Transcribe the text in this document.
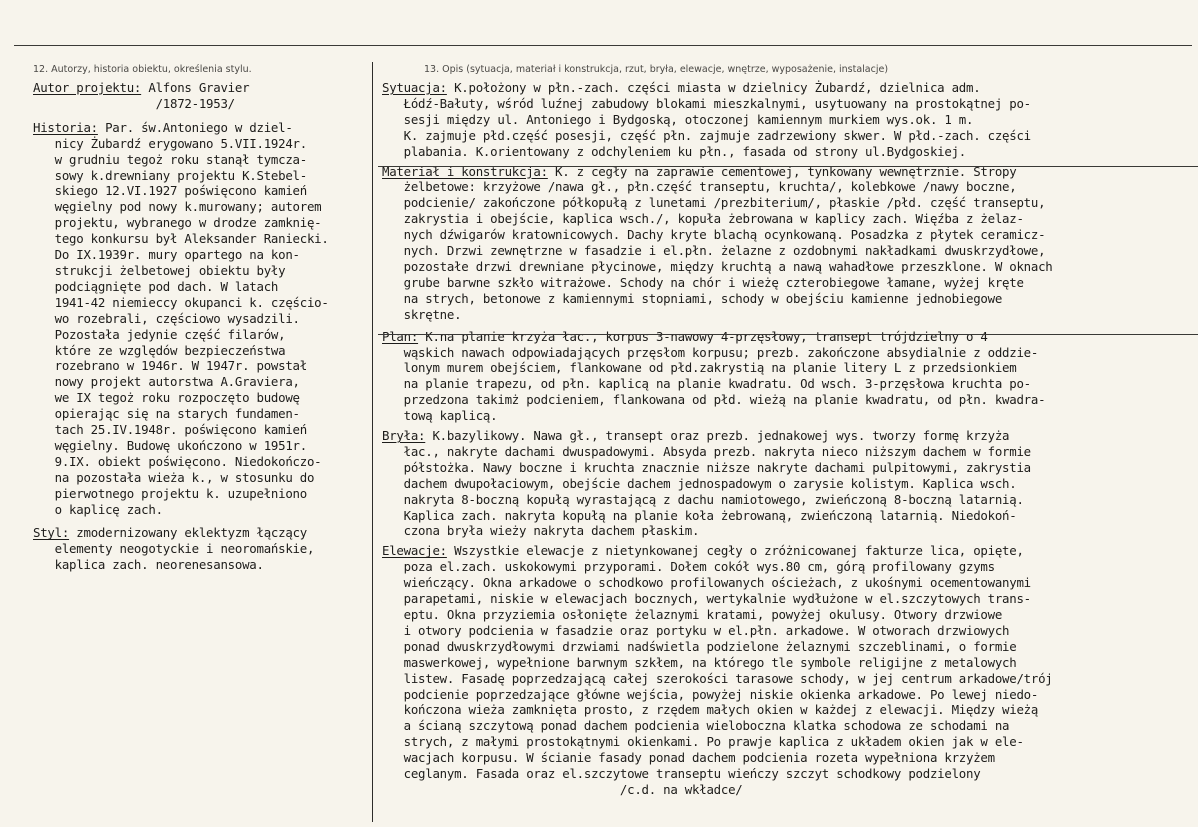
12. Autorzy, historia obiektu, określenia stylu.	13. Opis (sytuacja, materiał i konstrukcja, rzut, bryła, elewacje, wnętrze, wyposażenie, instalacje)
Autor projektu: Alfons Gravier
/1872-1953/
Historia: Par. św.Antoniego w dziel-
nicy Żubardź erygowano 5.VII.1924r.
w grudniu tegoż roku stanął tymcza-
sowy k.drewniany projektu K.Stebel-
skiego 12.VI.1927 poświęcono kamień
węgielny pod nowy k.murowany; autorem
projektu, wybranego w drodze zamknię-
tego konkursu był Aleksander Raniecki.
Do IX.1939r. mury opartego na kon-
strukcji żelbetowej obiektu były
podciągnięte pod dach. W latach
1941-42 niemieccy okupanci k. częścio-
wo rozebrali, częściowo wysadzili.
Pozostała jedynie część filarów,
które ze względów bezpieczeństwa
rozebrano w 1946r. W 1947r. powstał
nowy projekt autorstwa A.Graviera,
we IX tegoż roku rozpoczęto budowę
opierając się na starych fundamen-
tach 25.IV.1948r. poświęcono kamień
węgielny. Budowę ukończono w 1951r.
9.IX. obiekt poświęcono. Niedokończo-
na pozostała wieża k., w stosunku do
pierwotnego projektu k. uzupełniono
o kaplicę zach.
Styl: zmodernizowany eklektyzm łączący
elementy neogotyckie i neoromańskie,
kaplica zach. neorenesansowa.
Sytuacja: K.położony w płn.-zach. części miasta w dzielnicy Żubardź, dzielnica adm.
Łódź-Bałuty, wśród luźnej zabudowy blokami mieszkalnymi, usytuowany na prostokątnej po-
sesji między ul. Antoniego i Bydgoską, otoczonej kamiennym murkiem wys.ok. 1 m.
K. zajmuje płd.część posesji, część płn. zajmuje zadrzewiony skwer. W płd.-zach. części
plabania. K.orientowany z odchyleniem ku płn., fasada od strony ul.Bydgoskiej.
Materiał i konstrukcja: K. z cegły na zaprawie cementowej, tynkowany wewnętrznie. Stropy
żelbetowe: krzyżowe /nawa gł., płn.część transeptu, kruchta/, kolebkowe /nawy boczne,
podcienie/ zakończone półkopułą z lunetami /prezbiterium/, płaskie /płd. część transeptu,
zakrystia i obejście, kaplica wsch./, kopuła żebrowana w kaplicy zach. Więźba z żelaz-
nych dźwigarów kratownicowych. Dachy kryte blachą ocynkowaną. Posadzka z płytek ceramicz-
nych. Drzwi zewnętrzne w fasadzie i el.płn. żelazne z ozdobnymi nakładkami dwuskrzydłowe,
pozostałe drzwi drewniane płycinowe, między kruchtą a nawą wahadłowe przeszklone. W oknach
grube barwne szkło witrażowe. Schody na chór i wieżę czterobiegowe łamane, wyżej kręte
na strych, betonowe z kamiennymi stopniami, schody w obejściu kamienne jednobiegowe
skrętne.
Plan: K.na planie krzyża łac., korpus 3-nawowy 4-przęsłowy, transept trójdzielny o 4
wąskich nawach odpowiadających przęsłom korpusu; prezb. zakończone absydialnie z oddzie-
lonym murem obejściem, flankowane od płd.zakrystią na planie litery L z przedsionkiem
na planie trapezu, od płn. kaplicą na planie kwadratu. Od wsch. 3-przęsłowa kruchta po-
przedzona takimż podcieniem, flankowana od płd. wieżą na planie kwadratu, od płn. kwadra-
tową kaplicą.
Bryła: K.bazylikowy. Nawa gł., transept oraz prezb. jednakowej wys. tworzy formę krzyża
łac., nakryte dachami dwuspadowymi. Absyda prezb. nakryta nieco niższym dachem w formie
półstożka. Nawy boczne i kruchta znacznie niższe nakryte dachami pulpitowymi, zakrystia
dachem dwupołaciowym, obejście dachem jednospadowym o zarysie kolistym. Kaplica wsch.
nakryta 8-boczną kopułą wyrastającą z dachu namiotowego, zwieńczoną 8-boczną latarnią.
Kaplica zach. nakryta kopułą na planie koła żebrowaną, zwieńczoną latarnią. Niedokoń-
czona bryła wieży nakryta dachem płaskim.
Elewacje: Wszystkie elewacje z nietynkowanej cegły o zróżnicowanej fakturze lica, opięte,
poza el.zach. uskokowymi przyporami. Dołem cokół wys.80 cm, górą profilowany gzyms
wieńczący. Okna arkadowe o schodkowo profilowanych ościeżach, z ukośnymi ocementowanymi
parapetami, niskie w elewacjach bocznych, wertykalnie wydłużone w el.szczytowych trans-
eptu. Okna przyziemia osłonięte żelaznymi kratami, powyżej okulusy. Otwory drzwiowe
i otwory podcienia w fasadzie oraz portyku w el.płn. arkadowe. W otworach drzwiowych
ponad dwuskrzydłowymi drzwiami nadświetla podzielone żelaznymi szczeblinami, o formie
maswerkowej, wypełnione barwnym szkłem, na którego tle symbole religijne z metalowych
listew. Fasadę poprzedzającą całej szerokości tarasowe schody, w jej centrum arkadowe/trój
podcienie poprzedzające główne wejścia, powyżej niskie okienka arkadowe. Po lewej niedo-
kończona wieża zamknięta prosto, z rzędem małych okien w każdej z elewacji. Między wieżą
a ścianą szczytową ponad dachem podcienia wieloboczna klatka schodowa ze schodami na
strych, z małymi prostokątnymi okienkami. Po prawje kaplica z układem okien jak w ele-
wacjach korpusu. W ścianie fasady ponad dachem podcienia rozeta wypełniona krzyżem
ceglanym. Fasada oraz el.szczytowe transeptu wieńczy szczyt schodkowy podzielony
/c.d. na wkładce/
